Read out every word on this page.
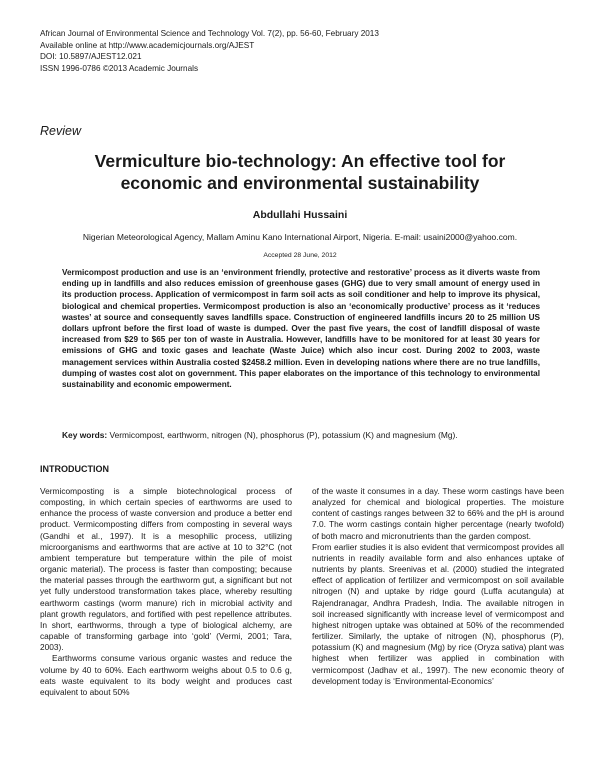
African Journal of Environmental Science and Technology Vol. 7(2), pp. 56-60, February 2013
Available online at http://www.academicjournals.org/AJEST
DOI: 10.5897/AJEST12.021
ISSN 1996-0786 ©2013 Academic Journals
Review
Vermiculture bio-technology: An effective tool for
economic and environmental sustainability
Abdullahi Hussaini
Nigerian Meteorological Agency, Mallam Aminu Kano International Airport, Nigeria. E-mail: usaini2000@yahoo.com.
Accepted 28 June, 2012

Vermicompost production and use is an ‘environment friendly, protective and restorative’ process as it diverts waste from ending up in landfills and also reduces emission of greenhouse gases (GHG) due to very small amount of energy used in its production process. Application of vermicompost in farm soil acts as soil conditioner and help to improve its physical, biological and chemical properties. Vermicompost production is also an ‘economically productive’ process as it ‘reduces wastes’ at source and consequently saves landfills space. Construction of engineered landfills incurs 20 to 25 million US dollars upfront before the first load of waste is dumped. Over the past five years, the cost of landfill disposal of waste increased from $29 to $65 per ton of waste in Australia. However, landfills have to be monitored for at least 30 years for emissions of GHG and toxic gases and leachate (Waste Juice) which also incur cost. During 2002 to 2003, waste management services within Australia costed $2458.2 million. Even in developing nations where there are no true landfills, dumping of wastes cost alot on government. This paper elaborates on the importance of this technology to environmental sustainability and economic empowerment.

Key words: Vermicompost, earthworm, nitrogen (N), phosphorus (P), potassium (K) and magnesium (Mg).

INTRODUCTION

Vermicomposting is a simple biotechnological process of composting, in which certain species of earthworms are used to enhance the process of waste conversion and produce a better end product. Vermicomposting differs from composting in several ways (Gandhi et al., 1997). It is a mesophilic process, utilizing microorganisms and earthworms that are active at 10 to 32°C (not ambient temperature but temperature within the pile of moist organic material). The process is faster than composting; because the material passes through the earthworm gut, a significant but not yet fully understood transformation takes place, whereby resulting earthworm castings (worm manure) rich in microbial activity and plant growth regulators, and fortified with pest repellence attributes. In short, earthworms, through a type of biological alchemy, are capable of transforming garbage into ‘gold’ (Vermi, 2001; Tara, 2003).

Earthworms consume various organic wastes and reduce the volume by 40 to 60%. Each earthworm weighs about 0.5 to 0.6 g, eats waste equivalent to its body weight and produces cast equivalent to about 50%

of the waste it consumes in a day. These worm castings have been analyzed for chemical and biological properties. The moisture content of castings ranges between 32 to 66% and the pH is around 7.0. The worm castings contain higher percentage (nearly twofold) of both macro and micronutrients than the garden compost.

From earlier studies it is also evident that vermicompost provides all nutrients in readily available form and also enhances uptake of nutrients by plants. Sreenivas et al. (2000) studied the integrated effect of application of fertilizer and vermicompost on soil available nitrogen (N) and uptake by ridge gourd (Luffa acutangula) at Rajendranagar, Andhra Pradesh, India. The available nitrogen in soil increased significantly with increase level of vermicompost and highest nitrogen uptake was obtained at 50% of the recommended fertilizer. Similarly, the uptake of nitrogen (N), phosphorus (P), potassium (K) and magnesium (Mg) by rice (Oryza sativa) plant was highest when fertilizer was applied in combination with vermicompost (Jadhav et al., 1997). The new economic theory of development today is ‘Environmental-Economics’
